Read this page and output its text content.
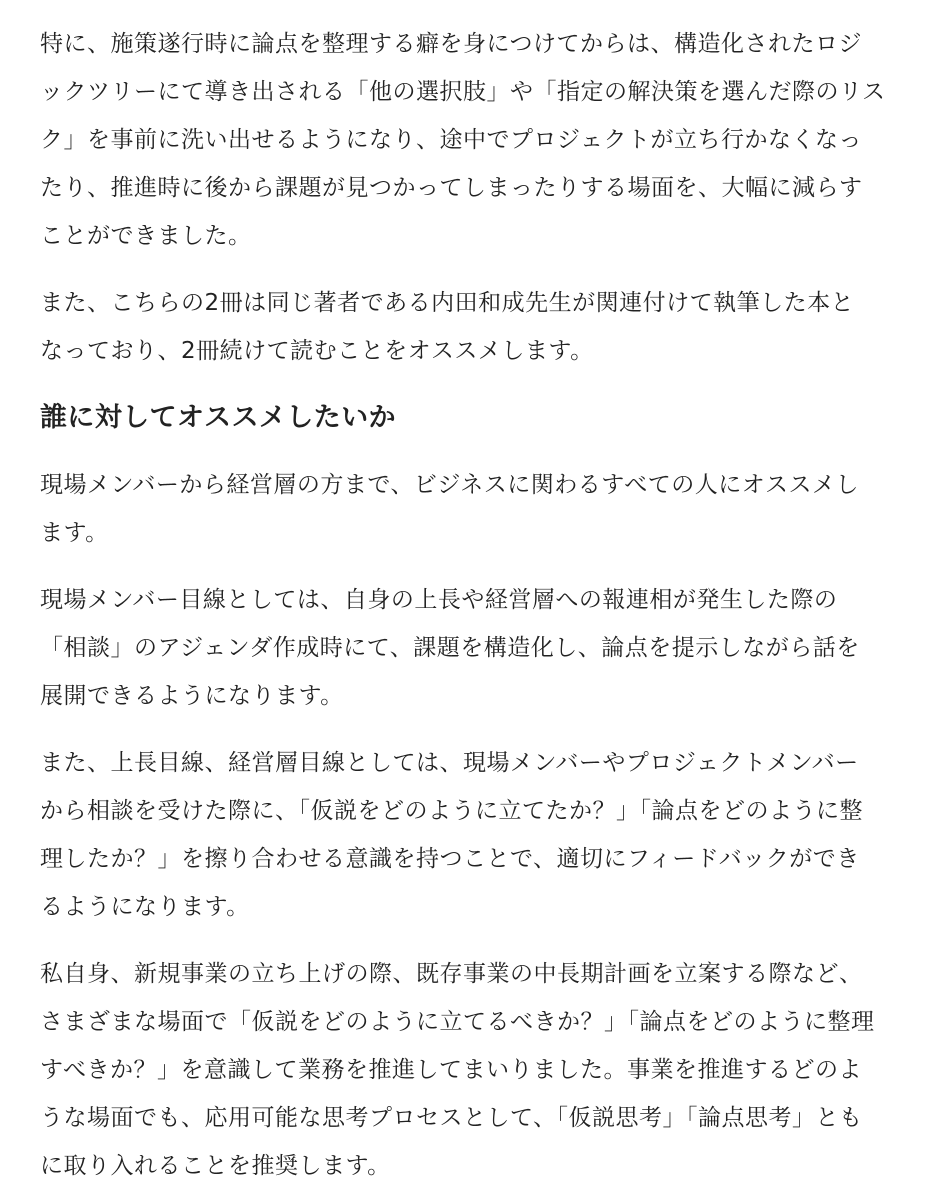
特に、施策遂行時に論点を整理する癖を身につけてからは、構造化されたロジ
ックツリーにて導き出される「他の選択肢」や「指定の解決策を選んだ際のリス
ク」を事前に洗い出せるようになり、途中でプロジェクトが立ち行かなくなっ
たり、推進時に後から課題が見つかってしまったりする場面を、大幅に減らす
ことができました。

また、こちらの2冊は同じ著者である内田和成先生が関連付けて執筆した本と
なっており、2冊続けて読むことをオススメします。

誰に対してオススメしたいか

現場メンバーから経営層の方まで、ビジネスに関わるすべての人にオススメし
ます。

現場メンバー目線としては、自身の上長や経営層への報連相が発生した際の
「相談」のアジェンダ作成時にて、課題を構造化し、論点を提示しながら話を
展開できるようになります。

また、上長目線、経営層目線としては、現場メンバーやプロジェクトメンバー
から相談を受けた際に、「仮説をどのように立てたか？」「論点をどのように整
理したか？」を擦り合わせる意識を持つことで、適切にフィードバックができ
るようになります。

私自身、新規事業の立ち上げの際、既存事業の中長期計画を立案する際など、
さまざまな場面で「仮説をどのように立てるべきか？」「論点をどのように整理
すべきか？」を意識して業務を推進してまいりました。事業を推進するどのよ
うな場面でも、応用可能な思考プロセスとして、「仮説思考」「論点思考」とも
に取り入れることを推奨します。
